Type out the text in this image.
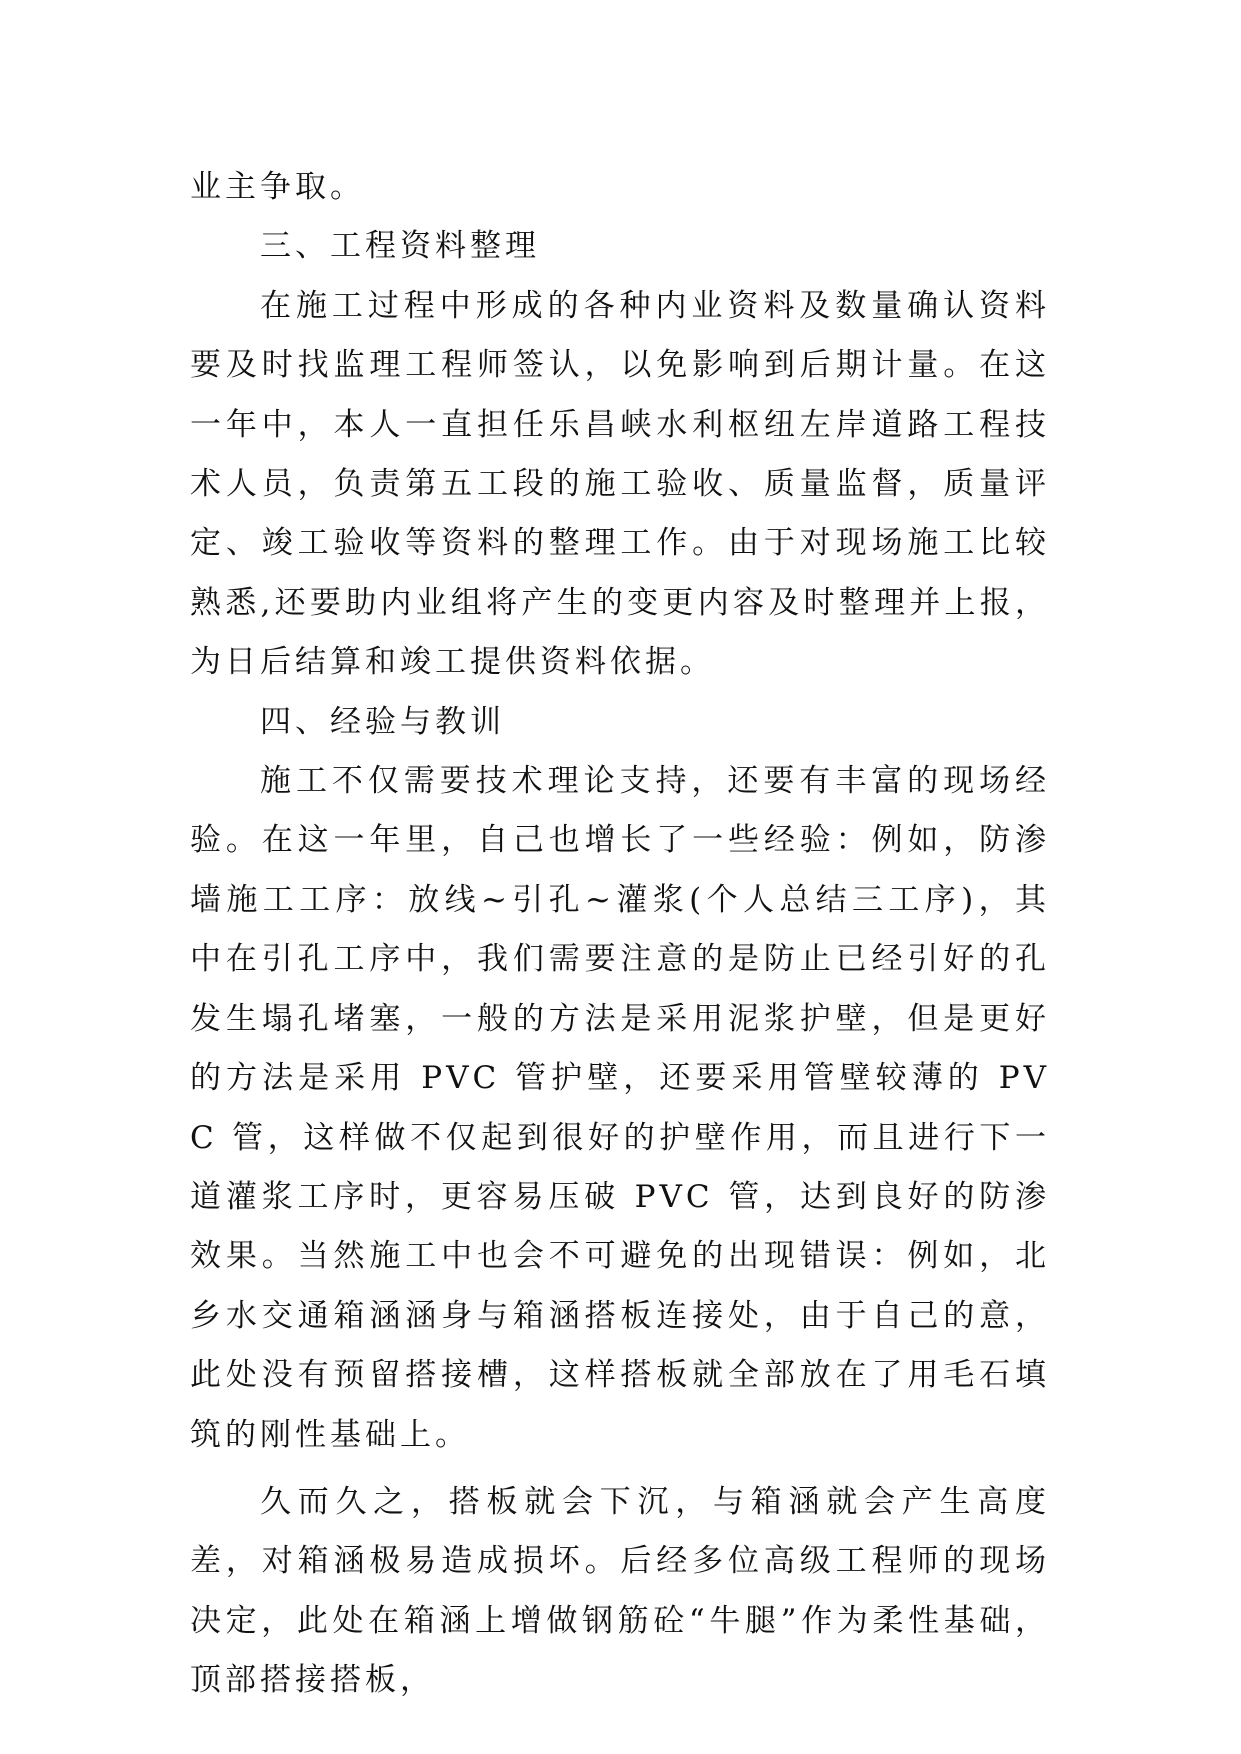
业主争取。

三、工程资料整理

在施工过程中形成的各种内业资料及数量确认资料要及时找监理工程师签认，以免影响到后期计量。在这一年中，本人一直担任乐昌峡水利枢纽左岸道路工程技术人员，负责第五工段的施工验收、质量监督，质量评定、竣工验收等资料的整理工作。由于对现场施工比较熟悉,还要助内业组将产生的变更内容及时整理并上报，为日后结算和竣工提供资料依据。

四、经验与教训

施工不仅需要技术理论支持，还要有丰富的现场经验。在这一年里，自己也增长了一些经验：例如，防渗墙施工工序：放线~引孔~灌浆(个人总结三工序)，其中在引孔工序中，我们需要注意的是防止已经引好的孔发生塌孔堵塞，一般的方法是采用泥浆护壁，但是更好的方法是采用 PVC 管护壁，还要采用管壁较薄的 PVC 管，这样做不仅起到很好的护壁作用，而且进行下一道灌浆工序时，更容易压破 PVC 管，达到良好的防渗效果。当然施工中也会不可避免的出现错误：例如，北乡水交通箱涵涵身与箱涵搭板连接处，由于自己的意，此处没有预留搭接槽，这样搭板就全部放在了用毛石填筑的刚性基础上。

久而久之，搭板就会下沉，与箱涵就会产生高度差，对箱涵极易造成损坏。后经多位高级工程师的现场决定，此处在箱涵上增做钢筋砼“牛腿”作为柔性基础，顶部搭接搭板，
